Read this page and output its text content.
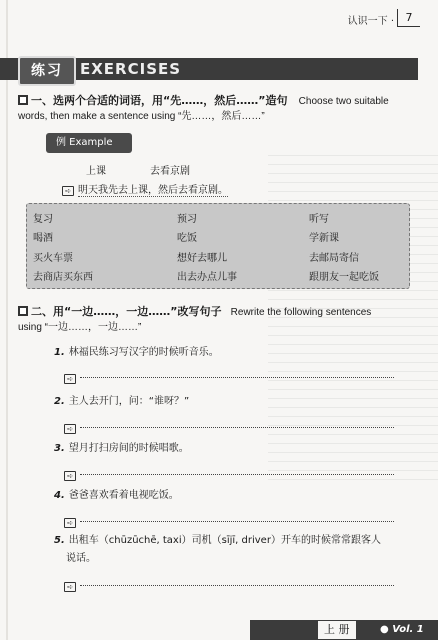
认识一下 ·	7
练习	EXERCISES
一、选两个合适的词语，用“先……，然后……”造句 Choose two suitable
words, then make a sentence using “先……，然后……”
例 Example
上课	去看京剧
➪ 明天我先去上课，然后去看京剧。
复习	预习	听写
喝酒	吃饭	学新课
买火车票	想好去哪儿	去邮局寄信
去商店买东西	出去办点儿事	跟朋友一起吃饭
二、用“一边……，一边……”改写句子 Rewrite the following sentences
using “一边……，一边……”
1. 林福民练习写汉字的时候听音乐。
➪
2. 主人去开门，问：“谁呀？”
➪
3. 望月打扫房间的时候唱歌。
➪
4. 爸爸喜欢看着电视吃饭。
➪
5. 出租车（chūzūchē, taxi）司机（sījī, driver）开车的时候常常跟客人
说话。
➪
上 册	● Vol. 1
